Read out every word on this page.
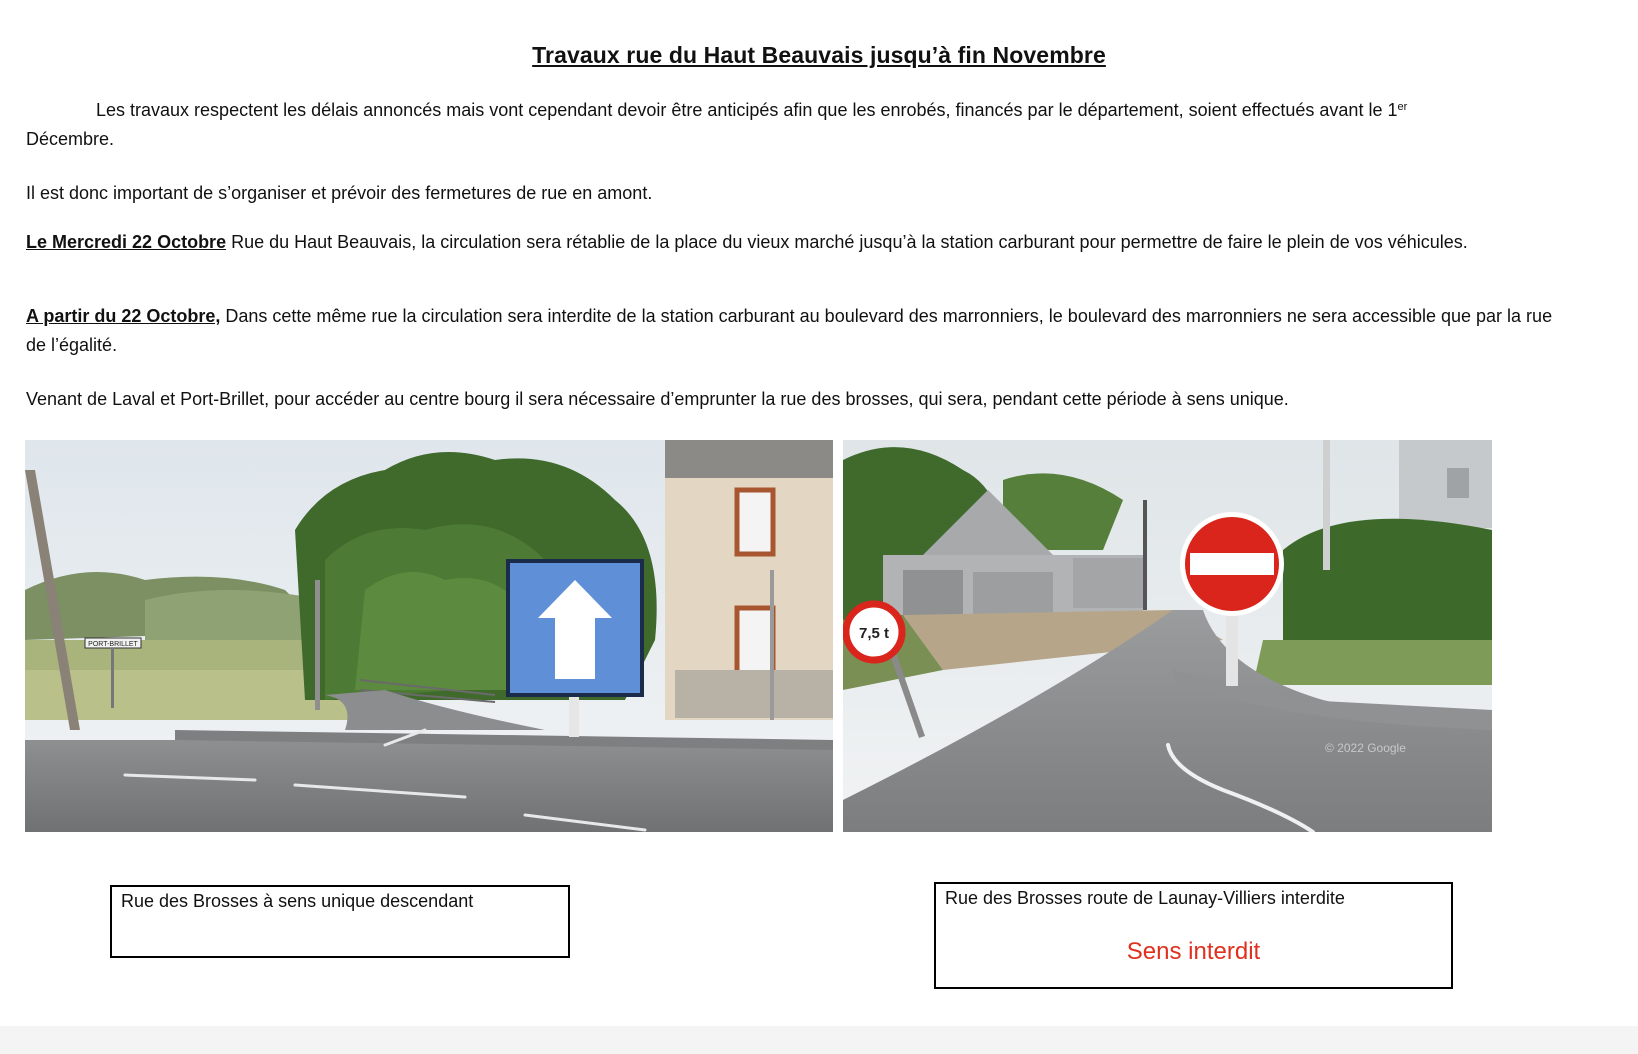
Travaux rue du Haut Beauvais jusqu’à fin Novembre
Les travaux respectent les délais annoncés mais vont cependant devoir être anticipés afin que les enrobés, financés par le département, soient effectués avant le 1er
Décembre.
Il est donc important de s’organiser et prévoir des fermetures de rue en amont.
Le Mercredi 22 Octobre Rue du Haut Beauvais, la circulation sera rétablie de la place du vieux marché jusqu’à la station carburant pour permettre de faire le plein de vos véhicules.
A partir du 22 Octobre, Dans cette même rue la circulation sera interdite de la station carburant au boulevard des marronniers, le boulevard des marronniers ne sera accessible que par la rue de l’égalité.
Venant de Laval et Port-Brillet, pour accéder au centre bourg il sera nécessaire d’emprunter la rue des brosses, qui sera, pendant cette période à sens unique.
PORT-BRILLET
© 2022 Google
7,5 t
Rue des Brosses à sens unique descendant	Rue des Brosses route de Launay-Villiers interdite
Sens interdit
